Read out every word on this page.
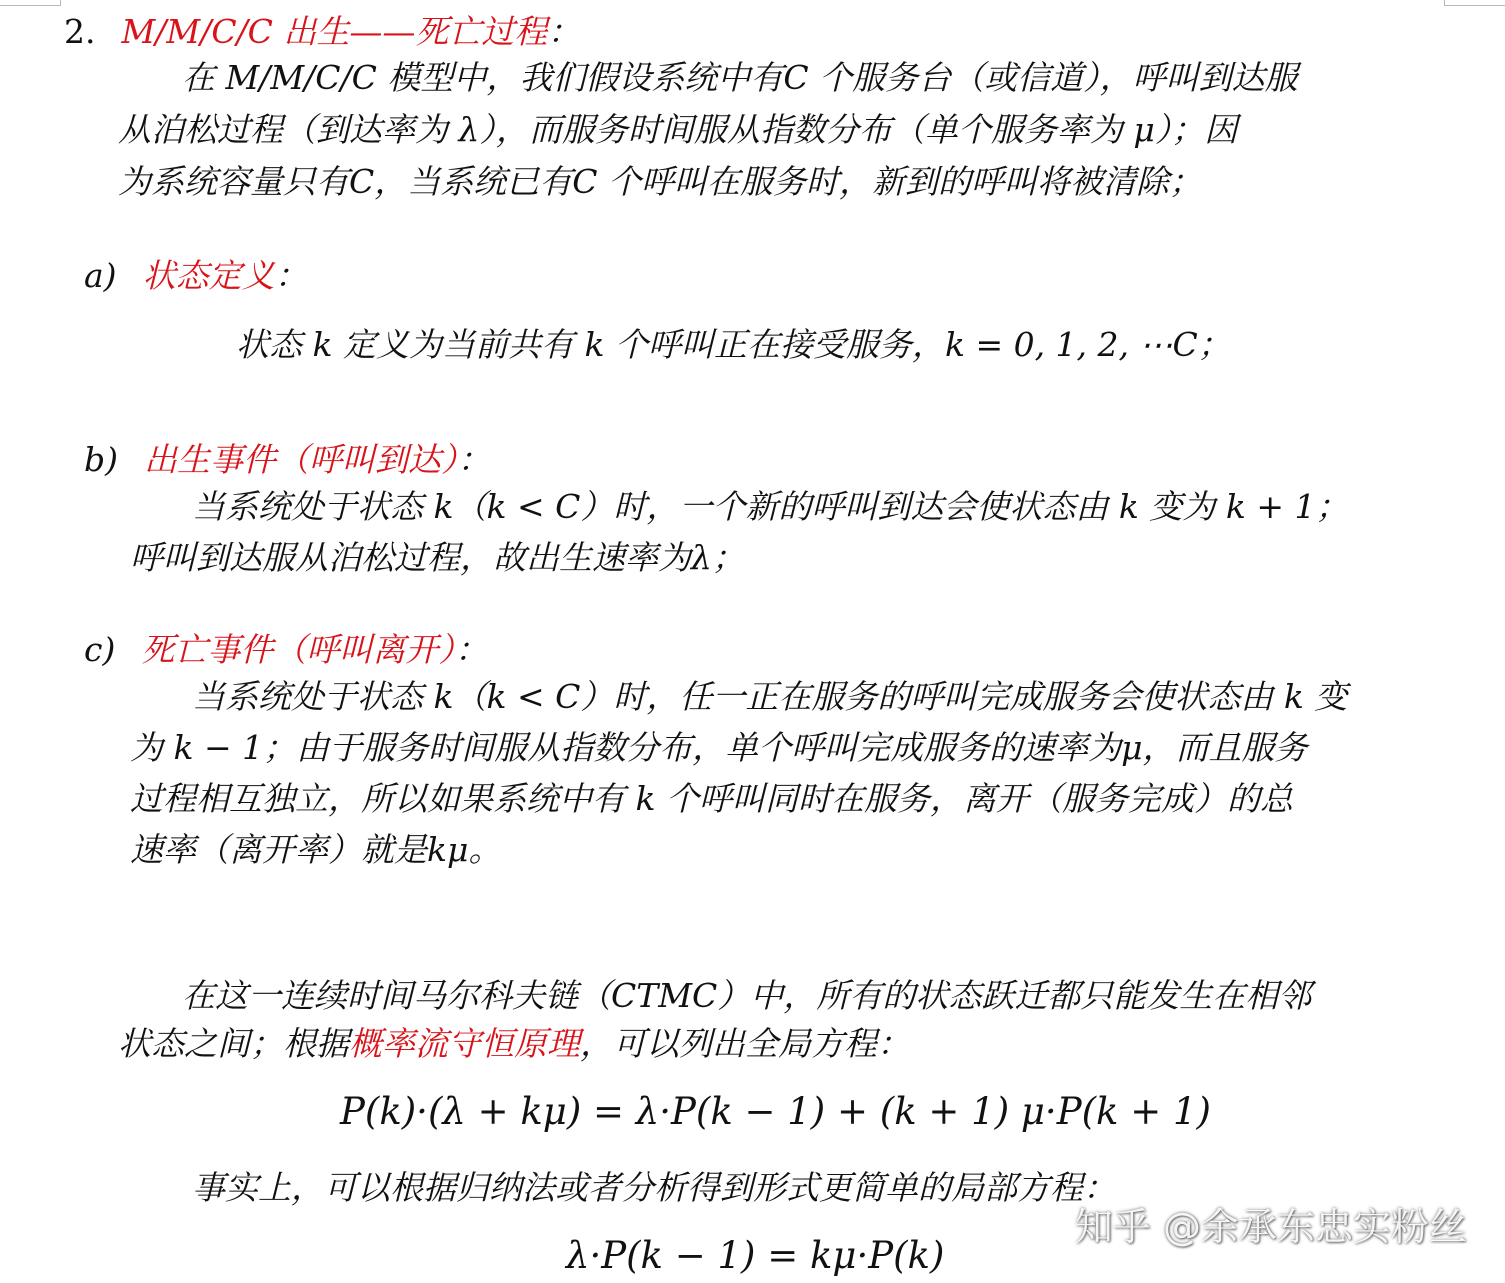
2. M/M/C/C 出生——死亡过程：
在 M/M/C/C 模型中，我们假设系统中有C 个服务台（或信道），呼叫到达服
从泊松过程（到达率为 λ），而服务时间服从指数分布（单个服务率为 μ）；因
为系统容量只有C，当系统已有C 个呼叫在服务时，新到的呼叫将被清除；
a) 状态定义：
状态 k 定义为当前共有 k 个呼叫正在接受服务，k = 0, 1, 2, ⋯C；
b) 出生事件（呼叫到达）：
当系统处于状态 k（k < C）时，一个新的呼叫到达会使状态由 k 变为 k + 1；
呼叫到达服从泊松过程，故出生速率为λ；
c) 死亡事件（呼叫离开）：
当系统处于状态 k（k < C）时，任一正在服务的呼叫完成服务会使状态由 k 变
为 k − 1；由于服务时间服从指数分布，单个呼叫完成服务的速率为μ，而且服务
过程相互独立，所以如果系统中有 k 个呼叫同时在服务，离开（服务完成）的总
速率（离开率）就是kμ。
在这一连续时间马尔科夫链（CTMC）中，所有的状态跃迁都只能发生在相邻
状态之间；根据概率流守恒原理，可以列出全局方程：
P(k)·(λ + kμ) = λ·P(k − 1) + (k + 1) μ·P(k + 1)
事实上，可以根据归纳法或者分析得到形式更简单的局部方程：
λ·P(k − 1) = kμ·P(k)
知乎 @余承东忠实粉丝
